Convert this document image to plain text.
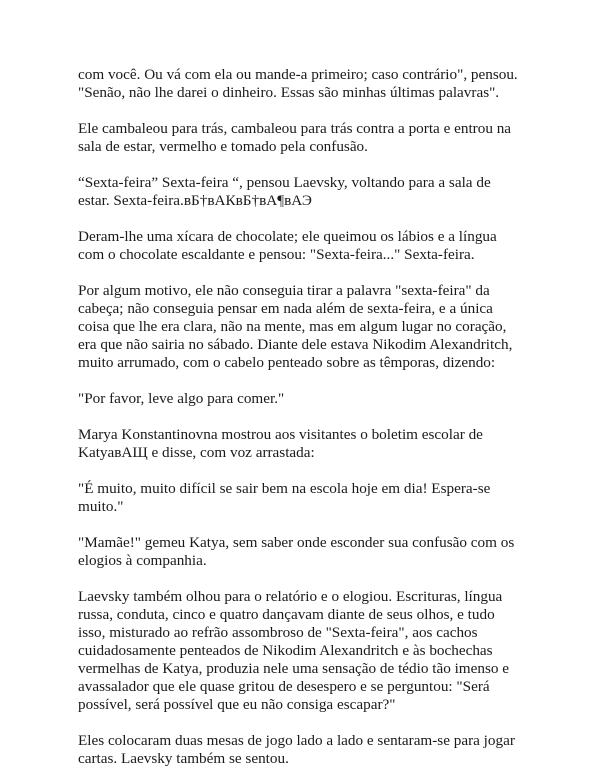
com você. Ou vá com ela ou mande-a primeiro; caso contrário", pensou. "Senão, não lhe darei o dinheiro. Essas são minhas últimas palavras".

Ele cambaleou para trás, cambaleou para trás contra a porta e entrou na sala de estar, vermelho e tomado pela confusão.

“Sexta-feira” Sexta-feira “, pensou Laevsky, voltando para a sala de estar. Sexta-feira.вБ†вАКвБ†вА¶вАЭ

Deram-lhe uma xícara de chocolate; ele queimou os lábios e a língua com o chocolate escaldante e pensou: "Sexta-feira..." Sexta-feira.

Por algum motivo, ele não conseguia tirar a palavra "sexta-feira" da cabeça; não conseguia pensar em nada além de sexta-feira, e a única coisa que lhe era clara, não na mente, mas em algum lugar no coração, era que não sairia no sábado. Diante dele estava Nikodim Alexandritch, muito arrumado, com o cabelo penteado sobre as têmporas, dizendo:

"Por favor, leve algo para comer."

Marya Konstantinovna mostrou aos visitantes o boletim escolar de KatyaвАЩ e disse, com voz arrastada:

"É muito, muito difícil se sair bem na escola hoje em dia! Espera-se muito."

"Mamãe!" gemeu Katya, sem saber onde esconder sua confusão com os elogios à companhia.

Laevsky também olhou para o relatório e o elogiou. Escrituras, língua russa, conduta, cinco e quatro dançavam diante de seus olhos, e tudo isso, misturado ao refrão assombroso de "Sexta-feira", aos cachos cuidadosamente penteados de Nikodim Alexandritch e às bochechas vermelhas de Katya, produzia nele uma sensação de tédio tão imenso e avassalador que ele quase gritou de desespero e se perguntou: "Será possível, será possível que eu não consiga escapar?"

Eles colocaram duas mesas de jogo lado a lado e sentaram-se para jogar cartas. Laevsky também se sentou.
